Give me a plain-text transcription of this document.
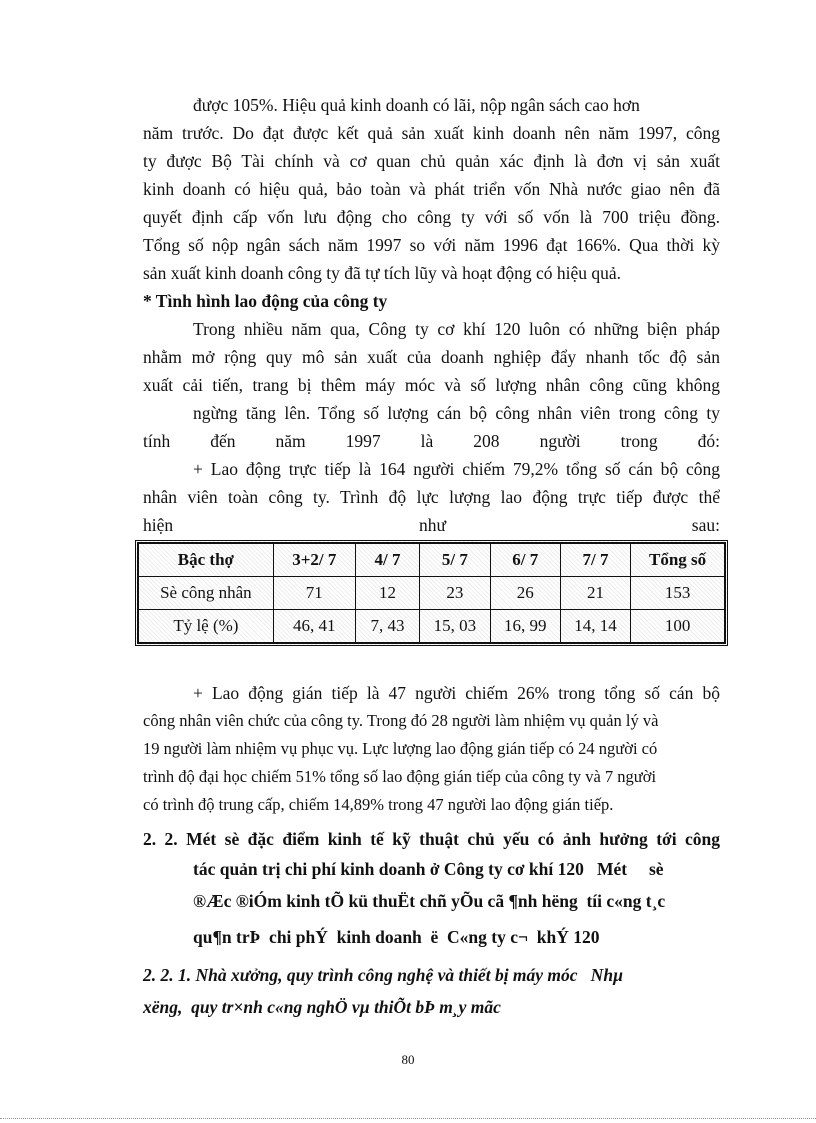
được 105%. Hiệu quả kinh doanh có lãi, nộp ngân sách cao hơn
năm trước. Do đạt được kết quả sản xuất kinh doanh nên năm 1997, công
ty được Bộ Tài chính và cơ quan chủ quản xác định là đơn vị sản xuất
kinh doanh có hiệu quả, bảo toàn và phát triển vốn Nhà nước giao nên đã
quyết định cấp vốn lưu động cho công ty với số vốn là 700 triệu đồng.
Tổng số nộp ngân sách năm 1997 so với năm 1996 đạt 166%. Qua thời kỳ
sản xuất kinh doanh công ty đã tự tích lũy và hoạt động có hiệu quả.
* Tình hình lao động của công ty
Trong nhiều năm qua, Công ty cơ khí 120 luôn có những biện pháp
nhằm mở rộng quy mô sản xuất của doanh nghiệp đẩy nhanh tốc độ sản
xuất cải tiến, trang bị thêm máy móc và số lượng nhân công cũng không
ngừng tăng lên. Tổng số lượng cán bộ công nhân viên trong công ty
tính đến năm 1997 là 208 người trong đó:
+ Lao động trực tiếp là 164 người chiếm 79,2% tổng số cán bộ công
nhân viên toàn công ty. Trình độ lực lượng lao động trực tiếp được thể
hiện như sau:
Bậc thợ	3+2/ 7	4/ 7	5/ 7	6/ 7	7/ 7	Tổng số
Sè công nhân	71	12	23	26	21	153
Tỷ lệ (%)	46, 41	7, 43	15, 03	16, 99	14, 14	100
+ Lao động gián tiếp là 47 người chiếm 26% trong tổng số cán bộ
công nhân viên chức của công ty. Trong đó 28 người làm nhiệm vụ quản lý và
19 người làm nhiệm vụ phục vụ. Lực lượng lao động gián tiếp có 24 người có
trình độ đại học chiếm 51% tổng số lao động gián tiếp của công ty và 7 người
có trình độ trung cấp, chiếm 14,89% trong 47 người lao động gián tiếp.
2. 2. Mét sè đặc điểm kinh tế kỹ thuật chủ yếu có ảnh hưởng tới công
tác quản trị chi phí kinh doanh ở Công ty cơ khí 120   Mét     sè
®Æc ®iÓm kinh tÕ kü thuËt chñ yÕu cã ¶nh hëng  tíi c«ng t¸c
qu¶n trÞ  chi phÝ  kinh doanh  ë  C«ng ty c¬  khÝ 120
2. 2. 1. Nhà xưởng, quy trình công nghệ và thiết bị máy móc   Nhµ
xëng,  quy tr×nh c«ng nghÖ vµ thiÕt bÞ m¸y mãc
80
